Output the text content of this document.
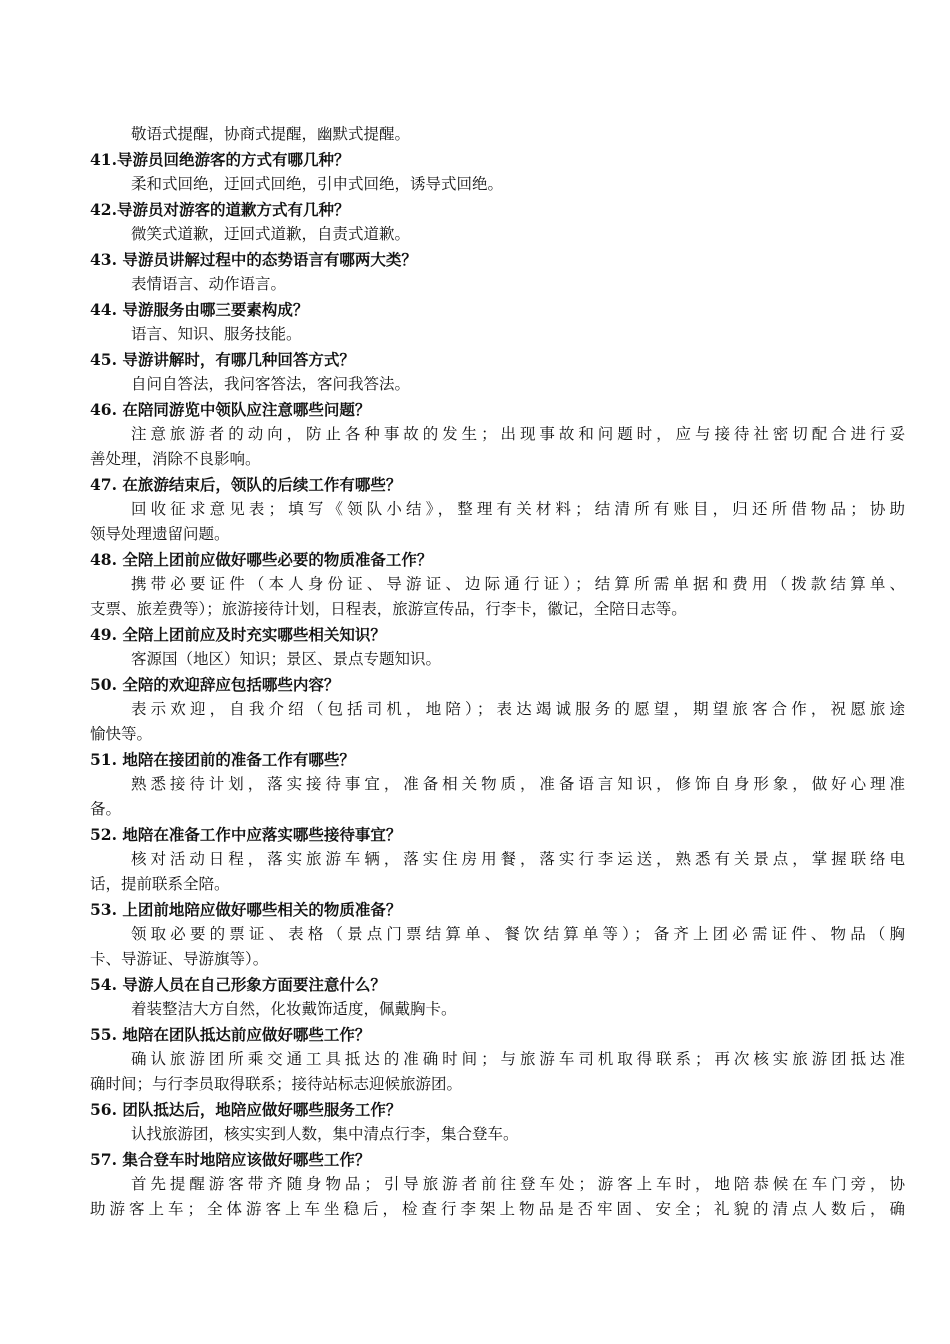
敬语式提醒，协商式提醒，幽默式提醒。
41.导游员回绝游客的方式有哪几种？
柔和式回绝，迂回式回绝，引申式回绝，诱导式回绝。
42.导游员对游客的道歉方式有几种？
微笑式道歉，迂回式道歉，自责式道歉。
43. 导游员讲解过程中的态势语言有哪两大类？
表情语言、动作语言。
44. 导游服务由哪三要素构成？
语言、知识、服务技能。
45. 导游讲解时，有哪几种回答方式？
自问自答法，我问客答法，客问我答法。
46. 在陪同游览中领队应注意哪些问题？
注意旅游者的动向，防止各种事故的发生；出现事故和问题时，应与接待社密切配合进行妥
善处理，消除不良影响。
47. 在旅游结束后，领队的后续工作有哪些？
回收征求意见表；填写《领队小结》，整理有关材料；结清所有账目，归还所借物品；协助
领导处理遗留问题。
48. 全陪上团前应做好哪些必要的物质准备工作？
携带必要证件（本人身份证、导游证、边际通行证）；结算所需单据和费用（拨款结算单、
支票、旅差费等）；旅游接待计划，日程表，旅游宣传品，行李卡，徽记，全陪日志等。
49. 全陪上团前应及时充实哪些相关知识？
客源国（地区）知识；景区、景点专题知识。
50. 全陪的欢迎辞应包括哪些内容？
表示欢迎，自我介绍（包括司机，地陪）；表达竭诚服务的愿望，期望旅客合作，祝愿旅途
愉快等。
51. 地陪在接团前的准备工作有哪些？
熟悉接待计划，落实接待事宜，准备相关物质，准备语言知识，修饰自身形象，做好心理准
备。
52. 地陪在准备工作中应落实哪些接待事宜？
核对活动日程，落实旅游车辆，落实住房用餐，落实行李运送，熟悉有关景点，掌握联络电
话，提前联系全陪。
53. 上团前地陪应做好哪些相关的物质准备？
领取必要的票证、表格（景点门票结算单、餐饮结算单等）；备齐上团必需证件、物品（胸
卡、导游证、导游旗等）。
54. 导游人员在自己形象方面要注意什么？
着装整洁大方自然，化妆戴饰适度，佩戴胸卡。
55. 地陪在团队抵达前应做好哪些工作？
确认旅游团所乘交通工具抵达的准确时间；与旅游车司机取得联系；再次核实旅游团抵达准
确时间；与行李员取得联系；接待站标志迎候旅游团。
56. 团队抵达后，地陪应做好哪些服务工作？
认找旅游团，核实实到人数，集中清点行李，集合登车。
57. 集合登车时地陪应该做好哪些工作？
首先提醒游客带齐随身物品；引导旅游者前往登车处；游客上车时，地陪恭候在车门旁，协
助游客上车；全体游客上车坐稳后，检查行李架上物品是否牢固、安全；礼貌的清点人数后，确
